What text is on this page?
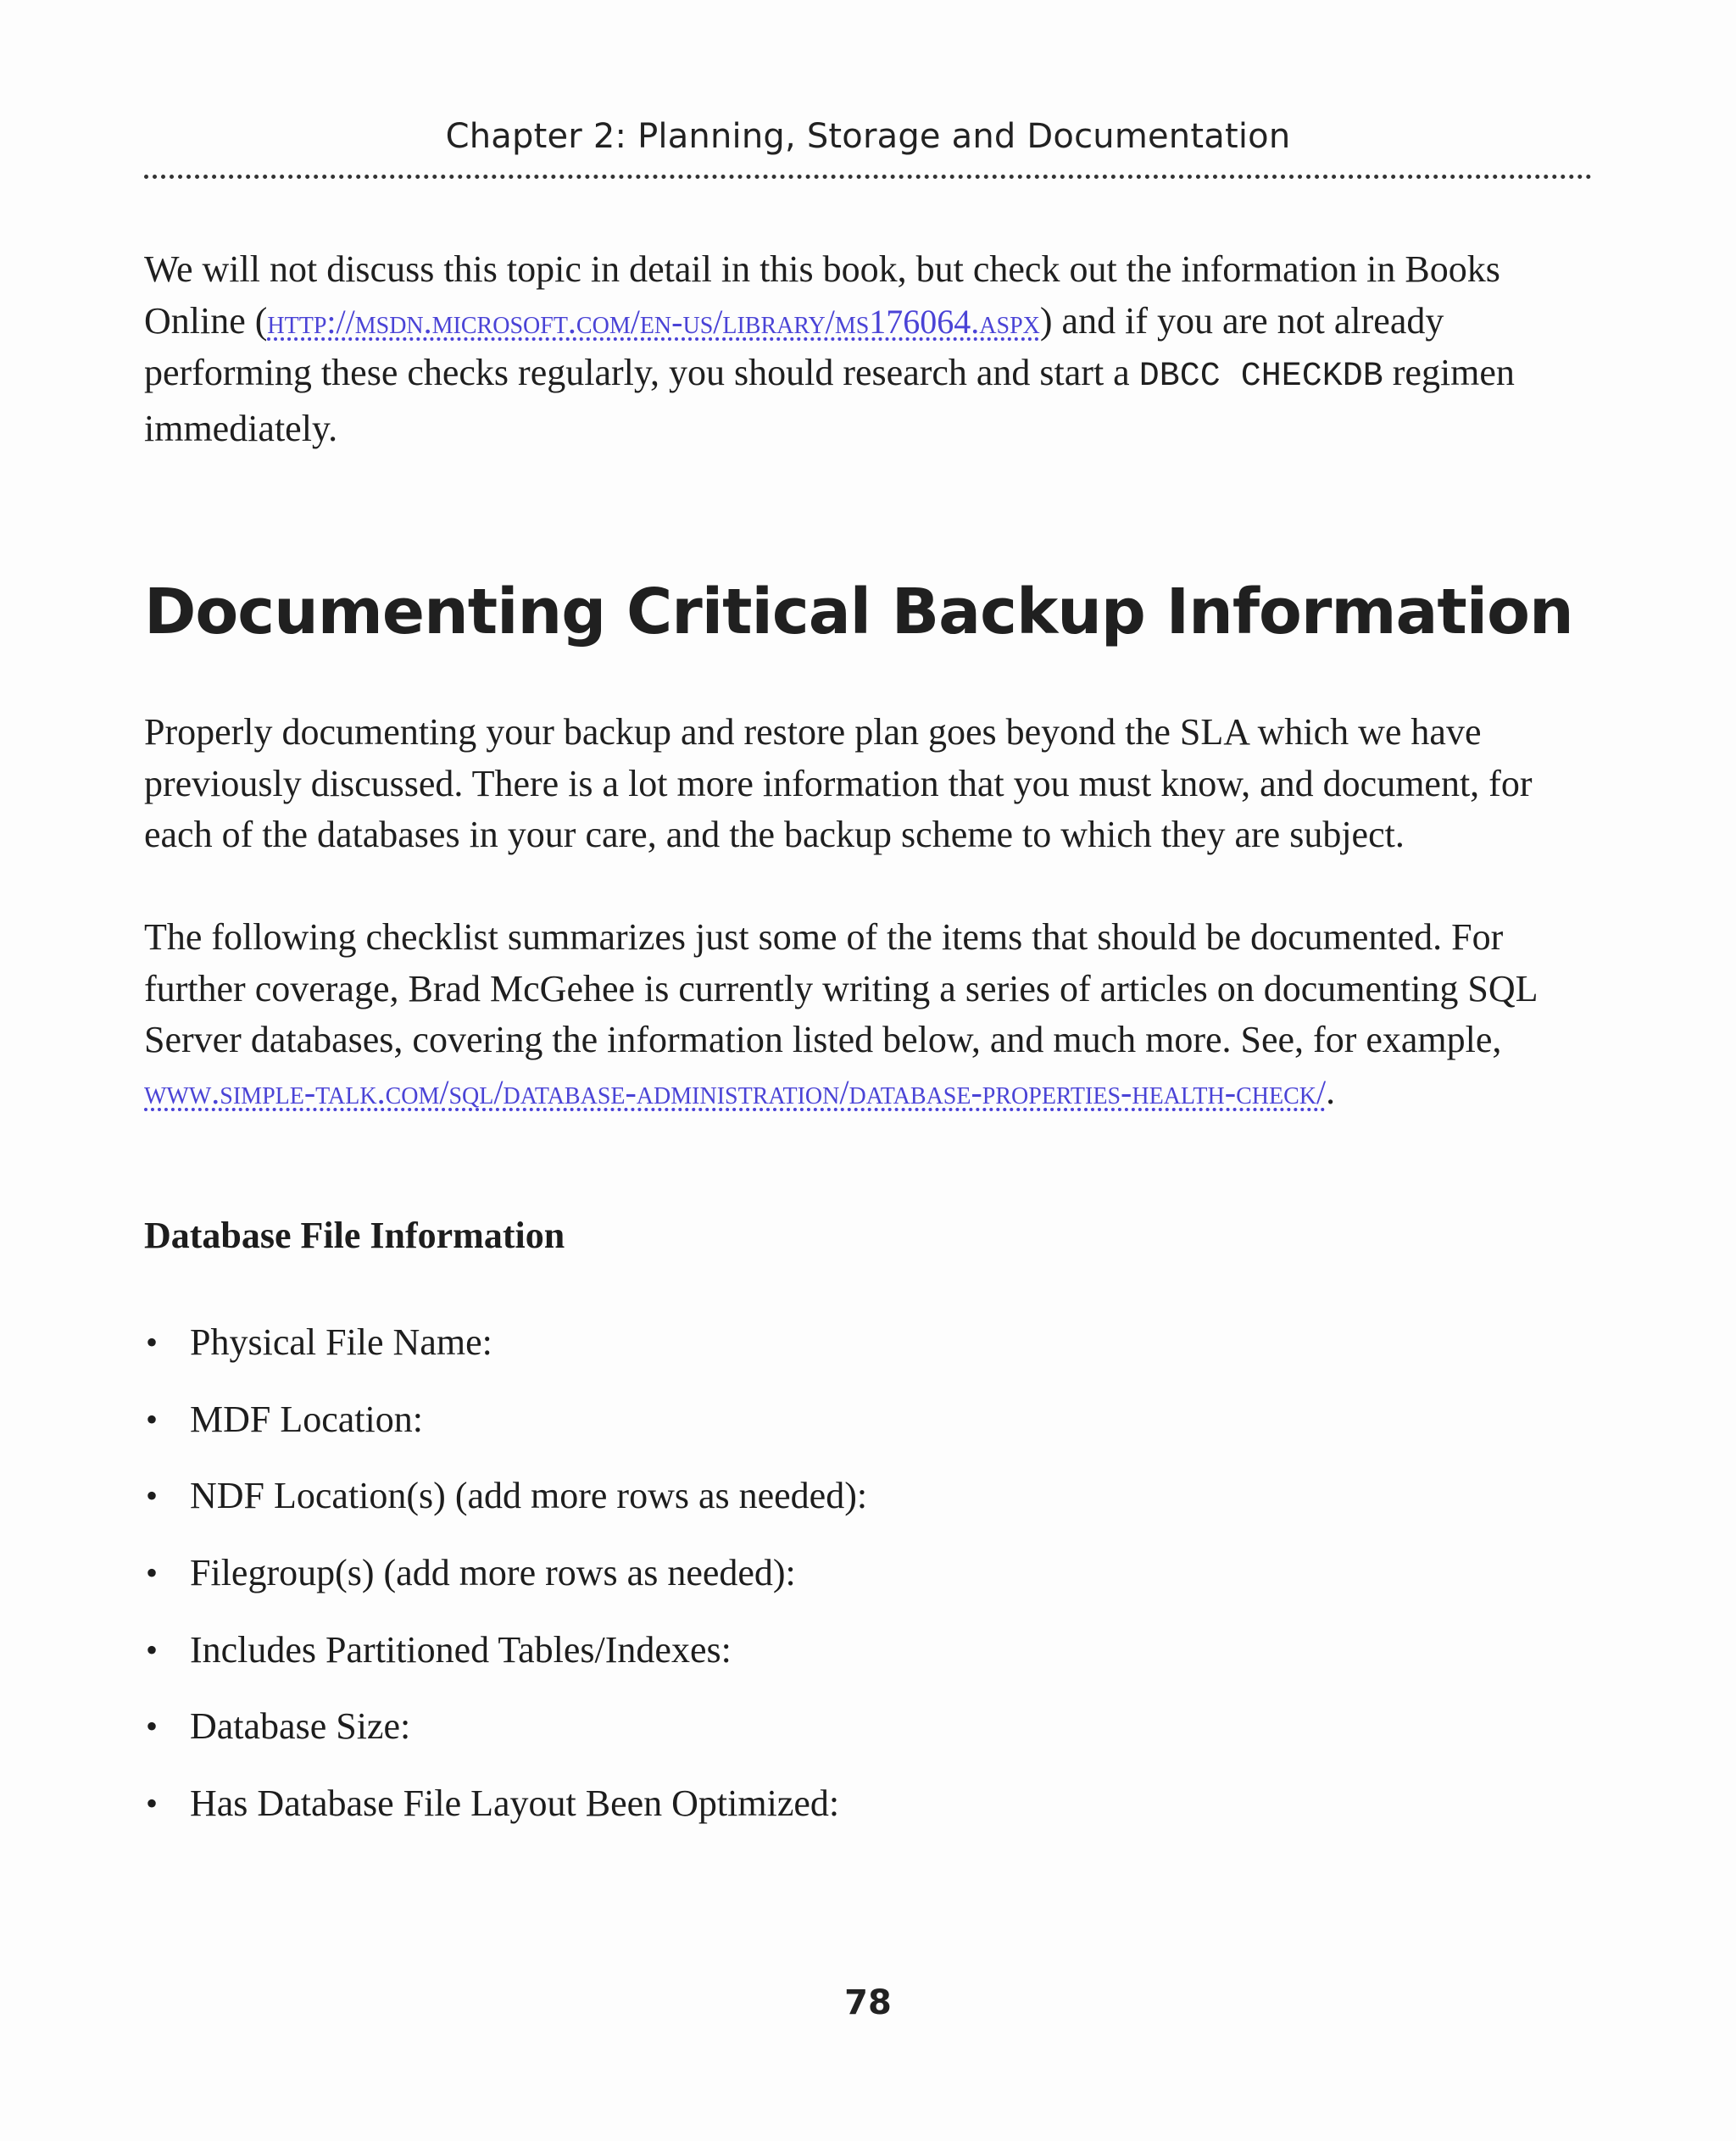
Chapter 2: Planning, Storage and Documentation

We will not discuss this topic in detail in this book, but check out the information in Books Online (http://msdn.microsoft.com/en-us/library/ms176064.aspx) and if you are not already performing these checks regularly, you should research and start a DBCC CHECKDB regimen immediately.

Documenting Critical Backup Information

Properly documenting your backup and restore plan goes beyond the SLA which we have previously discussed. There is a lot more information that you must know, and document, for each of the databases in your care, and the backup scheme to which they are subject.

The following checklist summarizes just some of the items that should be documented. For further coverage, Brad McGehee is currently writing a series of articles on documenting SQL Server databases, covering the information listed below, and much more. See, for example, www.simple-talk.com/sql/database-administration/database-properties-health-check/.

Database File Information
• Physical File Name:
• MDF Location:
• NDF Location(s) (add more rows as needed):
• Filegroup(s) (add more rows as needed):
• Includes Partitioned Tables/Indexes:
• Database Size:
• Has Database File Layout Been Optimized:
78
